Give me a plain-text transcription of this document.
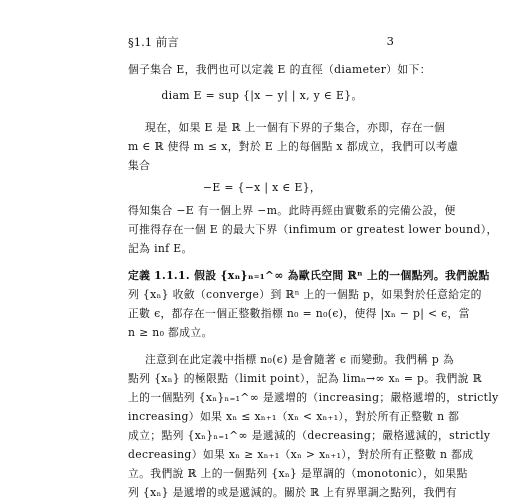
§1.1 前言	3
個子集合 E，我們也可以定義 E 的直徑（diameter）如下：
diam E = sup {|x − y| | x, y ∈ E}。
現在，如果 E 是 ℝ 上一個有下界的子集合，亦即，存在一個
m ∈ ℝ 使得 m ≤ x，對於 E 上的每個點 x 都成立，我們可以考慮
集合
−E = {−x | x ∈ E}，
得知集合 −E 有一個上界 −m。此時再經由實數系的完備公設，便
可推得存在一個 E 的最大下界（infimum or greatest lower bound），
記為 inf E。
定義 1.1.1. 假設 {xₙ}ₙ₌₁^∞ 為歐氏空間 ℝⁿ 上的一個點列。我們說點
列 {xₙ} 收斂（converge）到 ℝⁿ 上的一個點 p，如果對於任意給定的
正數 ϵ，都存在一個正整數指標 n₀ = n₀(ϵ)，使得 |xₙ − p| < ϵ，當
n ≥ n₀ 都成立。
注意到在此定義中指標 n₀(ϵ) 是會隨著 ϵ 而變動。我們稱 p 為
點列 {xₙ} 的極限點（limit point），記為 limₙ→∞ xₙ = p。我們說 ℝ
上的一個點列 {xₙ}ₙ₌₁^∞ 是遞增的（increasing；嚴格遞增的，strictly
increasing）如果 xₙ ≤ xₙ₊₁（xₙ < xₙ₊₁），對於所有正整數 n 都
成立；點列 {xₙ}ₙ₌₁^∞ 是遞減的（decreasing；嚴格遞減的，strictly
decreasing）如果 xₙ ≥ xₙ₊₁（xₙ > xₙ₊₁），對於所有正整數 n 都成
立。我們說 ℝ 上的一個點列 {xₙ} 是單調的（monotonic），如果點
列 {xₙ} 是遞增的或是遞減的。關於 ℝ 上有界單調之點列，我們有
